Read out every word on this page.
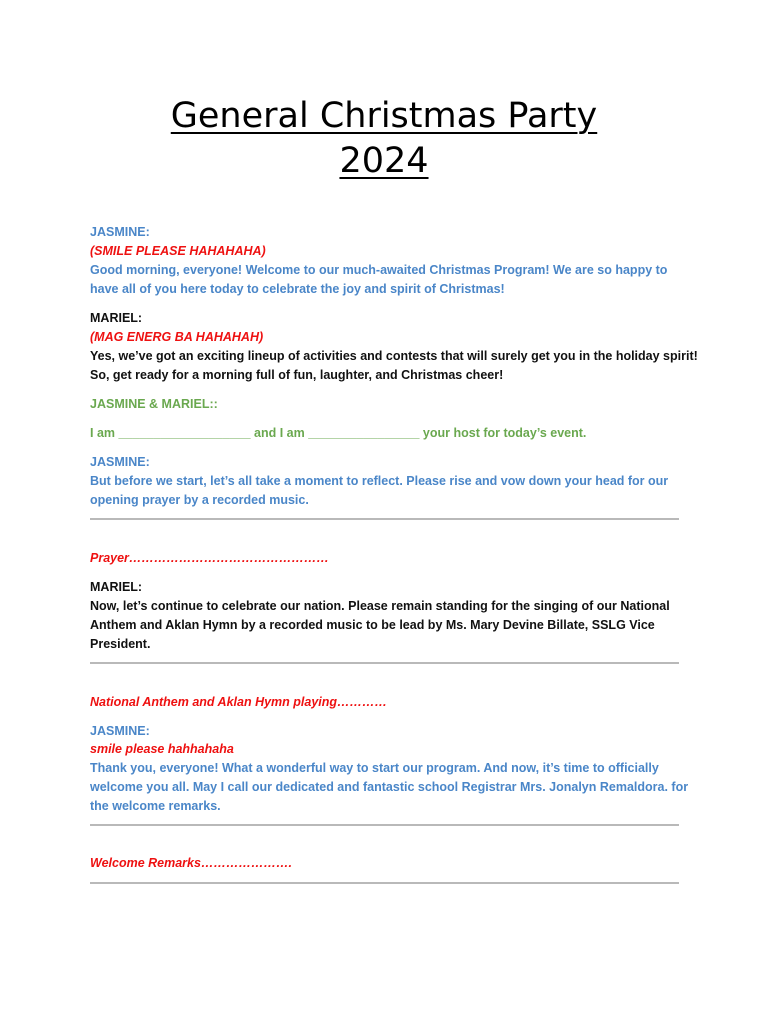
General Christmas Party
2024
JASMINE:
(SMILE PLEASE HAHAHAHA)
Good morning, everyone! Welcome to our much-awaited Christmas Program! We are so happy to
have all of you here today to celebrate the joy and spirit of Christmas!
MARIEL:
(MAG ENERG BA HAHAHAH)
Yes, we’ve got an exciting lineup of activities and contests that will surely get you in the holiday spirit!
So, get ready for a morning full of fun, laughter, and Christmas cheer!
JASMINE & MARIEL::
I am ___________________ and I am ________________ your host for today’s event.
JASMINE:
But before we start, let’s all take a moment to reflect. Please rise and vow down your head for our
opening prayer by a recorded music.
Prayer…………………………………………
MARIEL:
Now, let’s continue to celebrate our nation. Please remain standing for the singing of our National
Anthem and Aklan Hymn by a recorded music to be lead by Ms. Mary Devine Billate, SSLG Vice
President.
National Anthem and Aklan Hymn playing…………
JASMINE:
smile please hahhahaha
Thank you, everyone! What a wonderful way to start our program. And now, it’s time to officially
welcome you all. May I call our dedicated and fantastic school Registrar Mrs. Jonalyn Remaldora. for
the welcome remarks.
Welcome Remarks………………….
